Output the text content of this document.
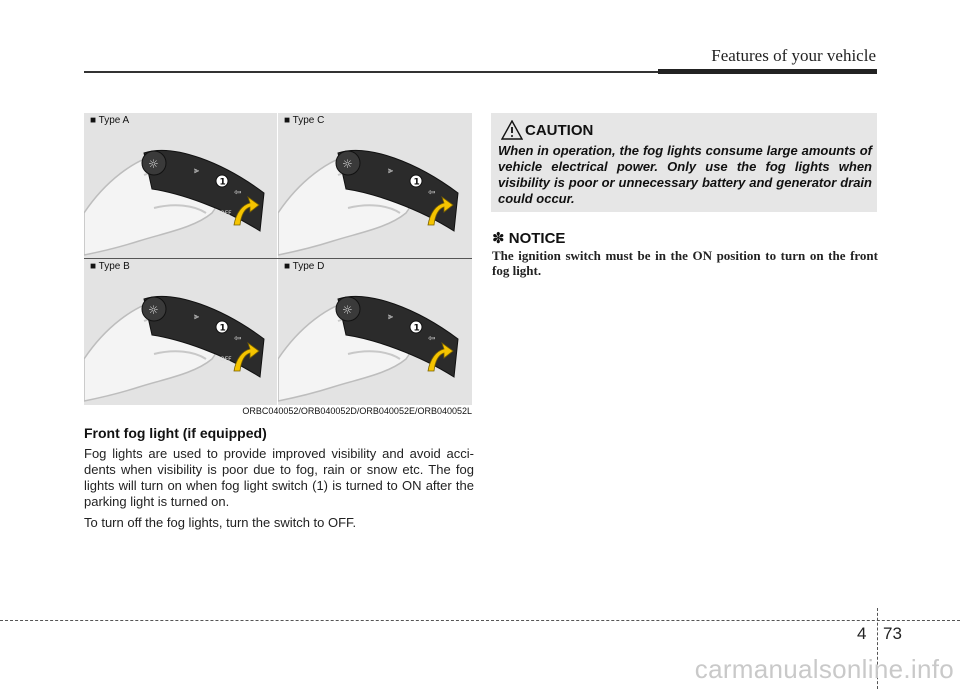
Features of your vehicle
■ Type A
☼	⫸
⇦
1
OFF
■ Type C
☼	⫸
⇦
1
■ Type B
☼	⫸
⇦
1
OFF
■ Type D
☼	⫸
⇦
1
ORBC040052/ORB040052D/ORB040052E/ORB040052L
Front fog light (if equipped)

Fog lights are used to provide improved visibility and avoid acci-dents when visibility is poor due to fog, rain or snow etc. The fog lights will turn on when fog light switch (1) is turned to ON after the parking light is turned on.

To turn off the fog lights, turn the switch to OFF.

CAUTION
When in operation, the fog lights consume large amounts of vehicle electrical power. Only use the fog lights when visibility is poor or unnecessary battery and generator drain could occur.
✽ NOTICE
The ignition switch must be in the ON position to turn on the front fog light.
4 73
carmanualsonline.info
